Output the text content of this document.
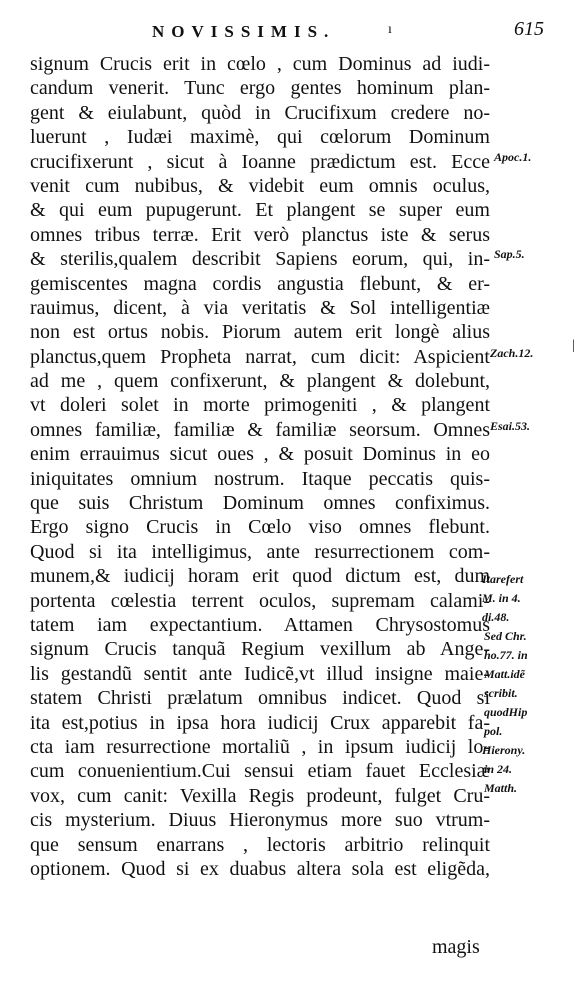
NOVISSIMIS.	ı	615
signum Crucis erit in cœlo , cum Dominus ad iudi-
candum venerit. Tunc ergo gentes hominum plan-
gent & eiulabunt, quòd in Crucifixum credere no-
luerunt , Iudæi maximè, qui cœlorum Dominum
crucifixerunt , sicut à Ioanne prædictum est. Ecce
venit cum nubibus, & videbit eum omnis oculus,
& qui eum pupugerunt. Et plangent se super eum
omnes tribus terræ. Erit verò planctus iste & serus
& sterilis,qualem describit Sapiens eorum, qui, in-
gemiscentes magna cordis angustia flebunt, & er-
rauimus, dicent, à via veritatis & Sol intelligentiæ
non est ortus nobis. Piorum autem erit longè alius
planctus,quem Propheta narrat, cum dicit: Aspicient
ad me , quem confixerunt, & plangent & dolebunt,
vt doleri solet in morte primogeniti , & plangent
omnes familiæ, familiæ & familiæ seorsum. Omnes
enim errauimus sicut oues , & posuit Dominus in eo
iniquitates omnium nostrum. Itaque peccatis quis-
que suis Christum Dominum omnes confiximus.
Ergo signo Crucis in Cœlo viso omnes flebunt.
Quod si ita intelligimus, ante resurrectionem com-
munem,& iudicij horam erit quod dictum est, dum
portenta cœlestia terrent oculos, supremam calami-
tatem iam expectantium. Attamen Chrysostomus
signum Crucis tanquã Regium vexillum ab Ange-
lis gestandũ sentit ante Iudicẽ,vt illud insigne maie-
statem Christi prælatum omnibus indicet. Quod si
ita est,potius in ipsa hora iudicij Crux apparebit fa-
cta iam resurrectione mortaliũ , in ipsum iudicij lo-
cum conuenientium.Cui sensui etiam fauet Ecclesiæ
vox, cum canit: Vexilla Regis prodeunt, fulget Cru-
cis mysterium. Diuus Hieronymus more suo vtrum-
que sensum enarrans , lectoris arbitrio relinquit
optionem. Quod si ex duabus altera sola est eligẽda,
magis
Apoc.1.
Sap.5.
Zach.12.
Esai.53.
Itarefert
M. in 4.
di.48.
Sed Chr.
ho.77. in
Matt.idẽ
scribit.
quodHip
pol.
Hierony.
in 24.
Matth.
|
